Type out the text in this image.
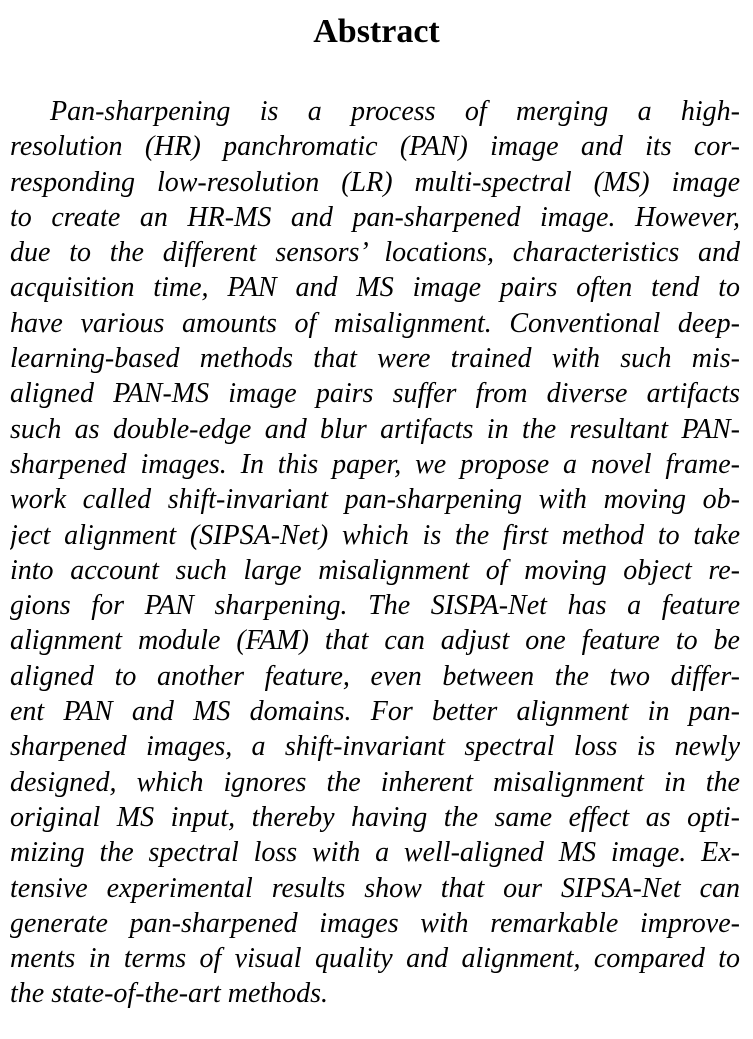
Abstract
Pan-sharpening is a process of merging a high-
resolution (HR) panchromatic (PAN) image and its cor-
responding low-resolution (LR) multi-spectral (MS) image
to create an HR-MS and pan-sharpened image. However,
due to the different sensors’ locations, characteristics and
acquisition time, PAN and MS image pairs often tend to
have various amounts of misalignment. Conventional deep-
learning-based methods that were trained with such mis-
aligned PAN-MS image pairs suffer from diverse artifacts
such as double-edge and blur artifacts in the resultant PAN-
sharpened images. In this paper, we propose a novel frame-
work called shift-invariant pan-sharpening with moving ob-
ject alignment (SIPSA-Net) which is the first method to take
into account such large misalignment of moving object re-
gions for PAN sharpening. The SISPA-Net has a feature
alignment module (FAM) that can adjust one feature to be
aligned to another feature, even between the two differ-
ent PAN and MS domains. For better alignment in pan-
sharpened images, a shift-invariant spectral loss is newly
designed, which ignores the inherent misalignment in the
original MS input, thereby having the same effect as opti-
mizing the spectral loss with a well-aligned MS image. Ex-
tensive experimental results show that our SIPSA-Net can
generate pan-sharpened images with remarkable improve-
ments in terms of visual quality and alignment, compared to
the state-of-the-art methods.
